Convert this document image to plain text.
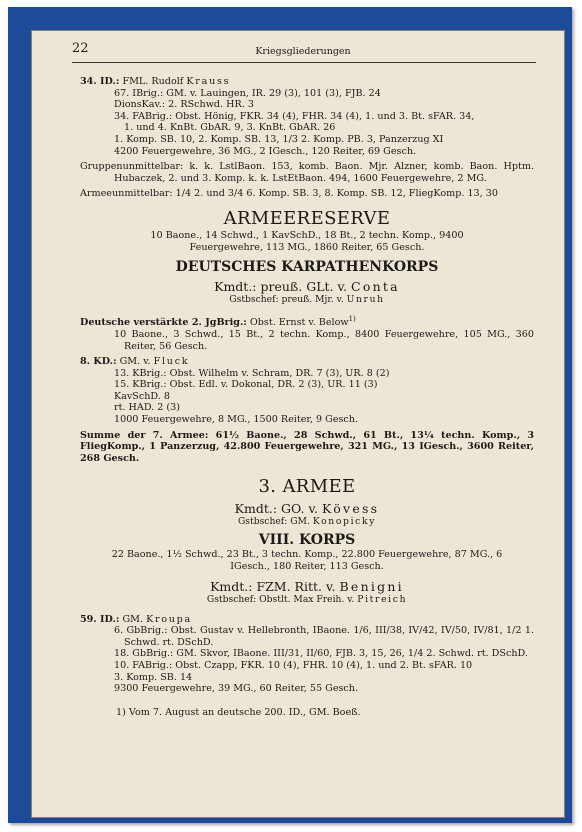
22	Kriegsgliederungen
34. ID.: FML. Rudolf Krauss
67. IBrig.: GM. v. Lauingen, IR. 29 (3), 101 (3), FJB. 24
DionsKav.: 2. RSchwd. HR. 3
34. FABrig.: Obst. Hönig, FKR. 34 (4), FHR. 34 (4), 1. und 3. Bt. sFAR. 34,
1. und 4. KnBt. GbAR. 9, 3. KnBt. GbAR. 26
1. Komp. SB. 10, 2. Komp. SB. 13, 1/3 2. Komp. PB. 3, Panzerzug XI
4200 Feuergewehre, 36 MG., 2 IGesch., 120 Reiter, 69 Gesch.
Gruppenunmittelbar: k. k. LstlBaon. 153, komb. Baon. Mjr. Alzner, komb. Baon. Hptm. Hubaczek, 2. und 3. Komp. k. k. LstEtBaon. 494, 1600 Feuergewehre, 2 MG.
Armeeunmittelbar: 1/4 2. und 3/4 6. Komp. SB. 3, 8. Komp. SB. 12, FliegKomp. 13, 30
ARMEERESERVE
10 Baone., 14 Schwd., 1 KavSchD., 18 Bt., 2 techn. Komp., 9400 Feuergewehre, 113 MG., 1860 Reiter, 65 Gesch.
DEUTSCHES KARPATHENKORPS
Kmdt.: preuß. GLt. v. Conta
Gstbschef: preuß. Mjr. v. Unruh
Deutsche verstärkte 2. JgBrig.: Obst. Ernst v. Below$^{1)}$
10 Baone., 3 Schwd., 15 Bt., 2 techn. Komp., 8400 Feuergewehre, 105 MG., 360 Reiter, 56 Gesch.
8. KD.: GM. v. Fluck
13. KBrig.: Obst. Wilhelm v. Schram, DR. 7 (3), UR. 8 (2)
15. KBrig.: Obst. Edl. v. Dokonal, DR. 2 (3), UR. 11 (3)
KavSchD. 8
rt. HAD. 2 (3)
1000 Feuergewehre, 8 MG., 1500 Reiter, 9 Gesch.
Summe der 7. Armee: 61½ Baone., 28 Schwd., 61 Bt., 13¼ techn. Komp., 3 FliegKomp., 1 Panzerzug, 42.800 Feuergewehre, 321 MG., 13 IGesch., 3600 Reiter, 268 Gesch.
3. ARMEE
Kmdt.: GO. v. Kövess
Gstbschef: GM. Konopicky
VIII. KORPS
22 Baone., 1½ Schwd., 23 Bt., 3 techn. Komp., 22.800 Feuergewehre, 87 MG., 6 IGesch., 180 Reiter, 113 Gesch.
Kmdt.: FZM. Ritt. v. Benigni
Gstbschef: Obstlt. Max Freih. v. Pitreich
59. ID.: GM. Kroupa
6. GbBrig.: Obst. Gustav v. Hellebronth, IBaone. 1/6, III/38, IV/42, IV/50, IV/81, 1/2 1. Schwd. rt. DSchD.
18. GbBrig.: GM. Skvor, IBaone. III/31, II/60, FJB. 3, 15, 26, 1/4 2. Schwd. rt. DSchD.
10. FABrig.: Obst. Czapp, FKR. 10 (4), FHR. 10 (4), 1. und 2. Bt. sFAR. 10
3. Komp. SB. 14
9300 Feuergewehre, 39 MG., 60 Reiter, 55 Gesch.
1) Vom 7. August an deutsche 200. ID., GM. Boeß.
